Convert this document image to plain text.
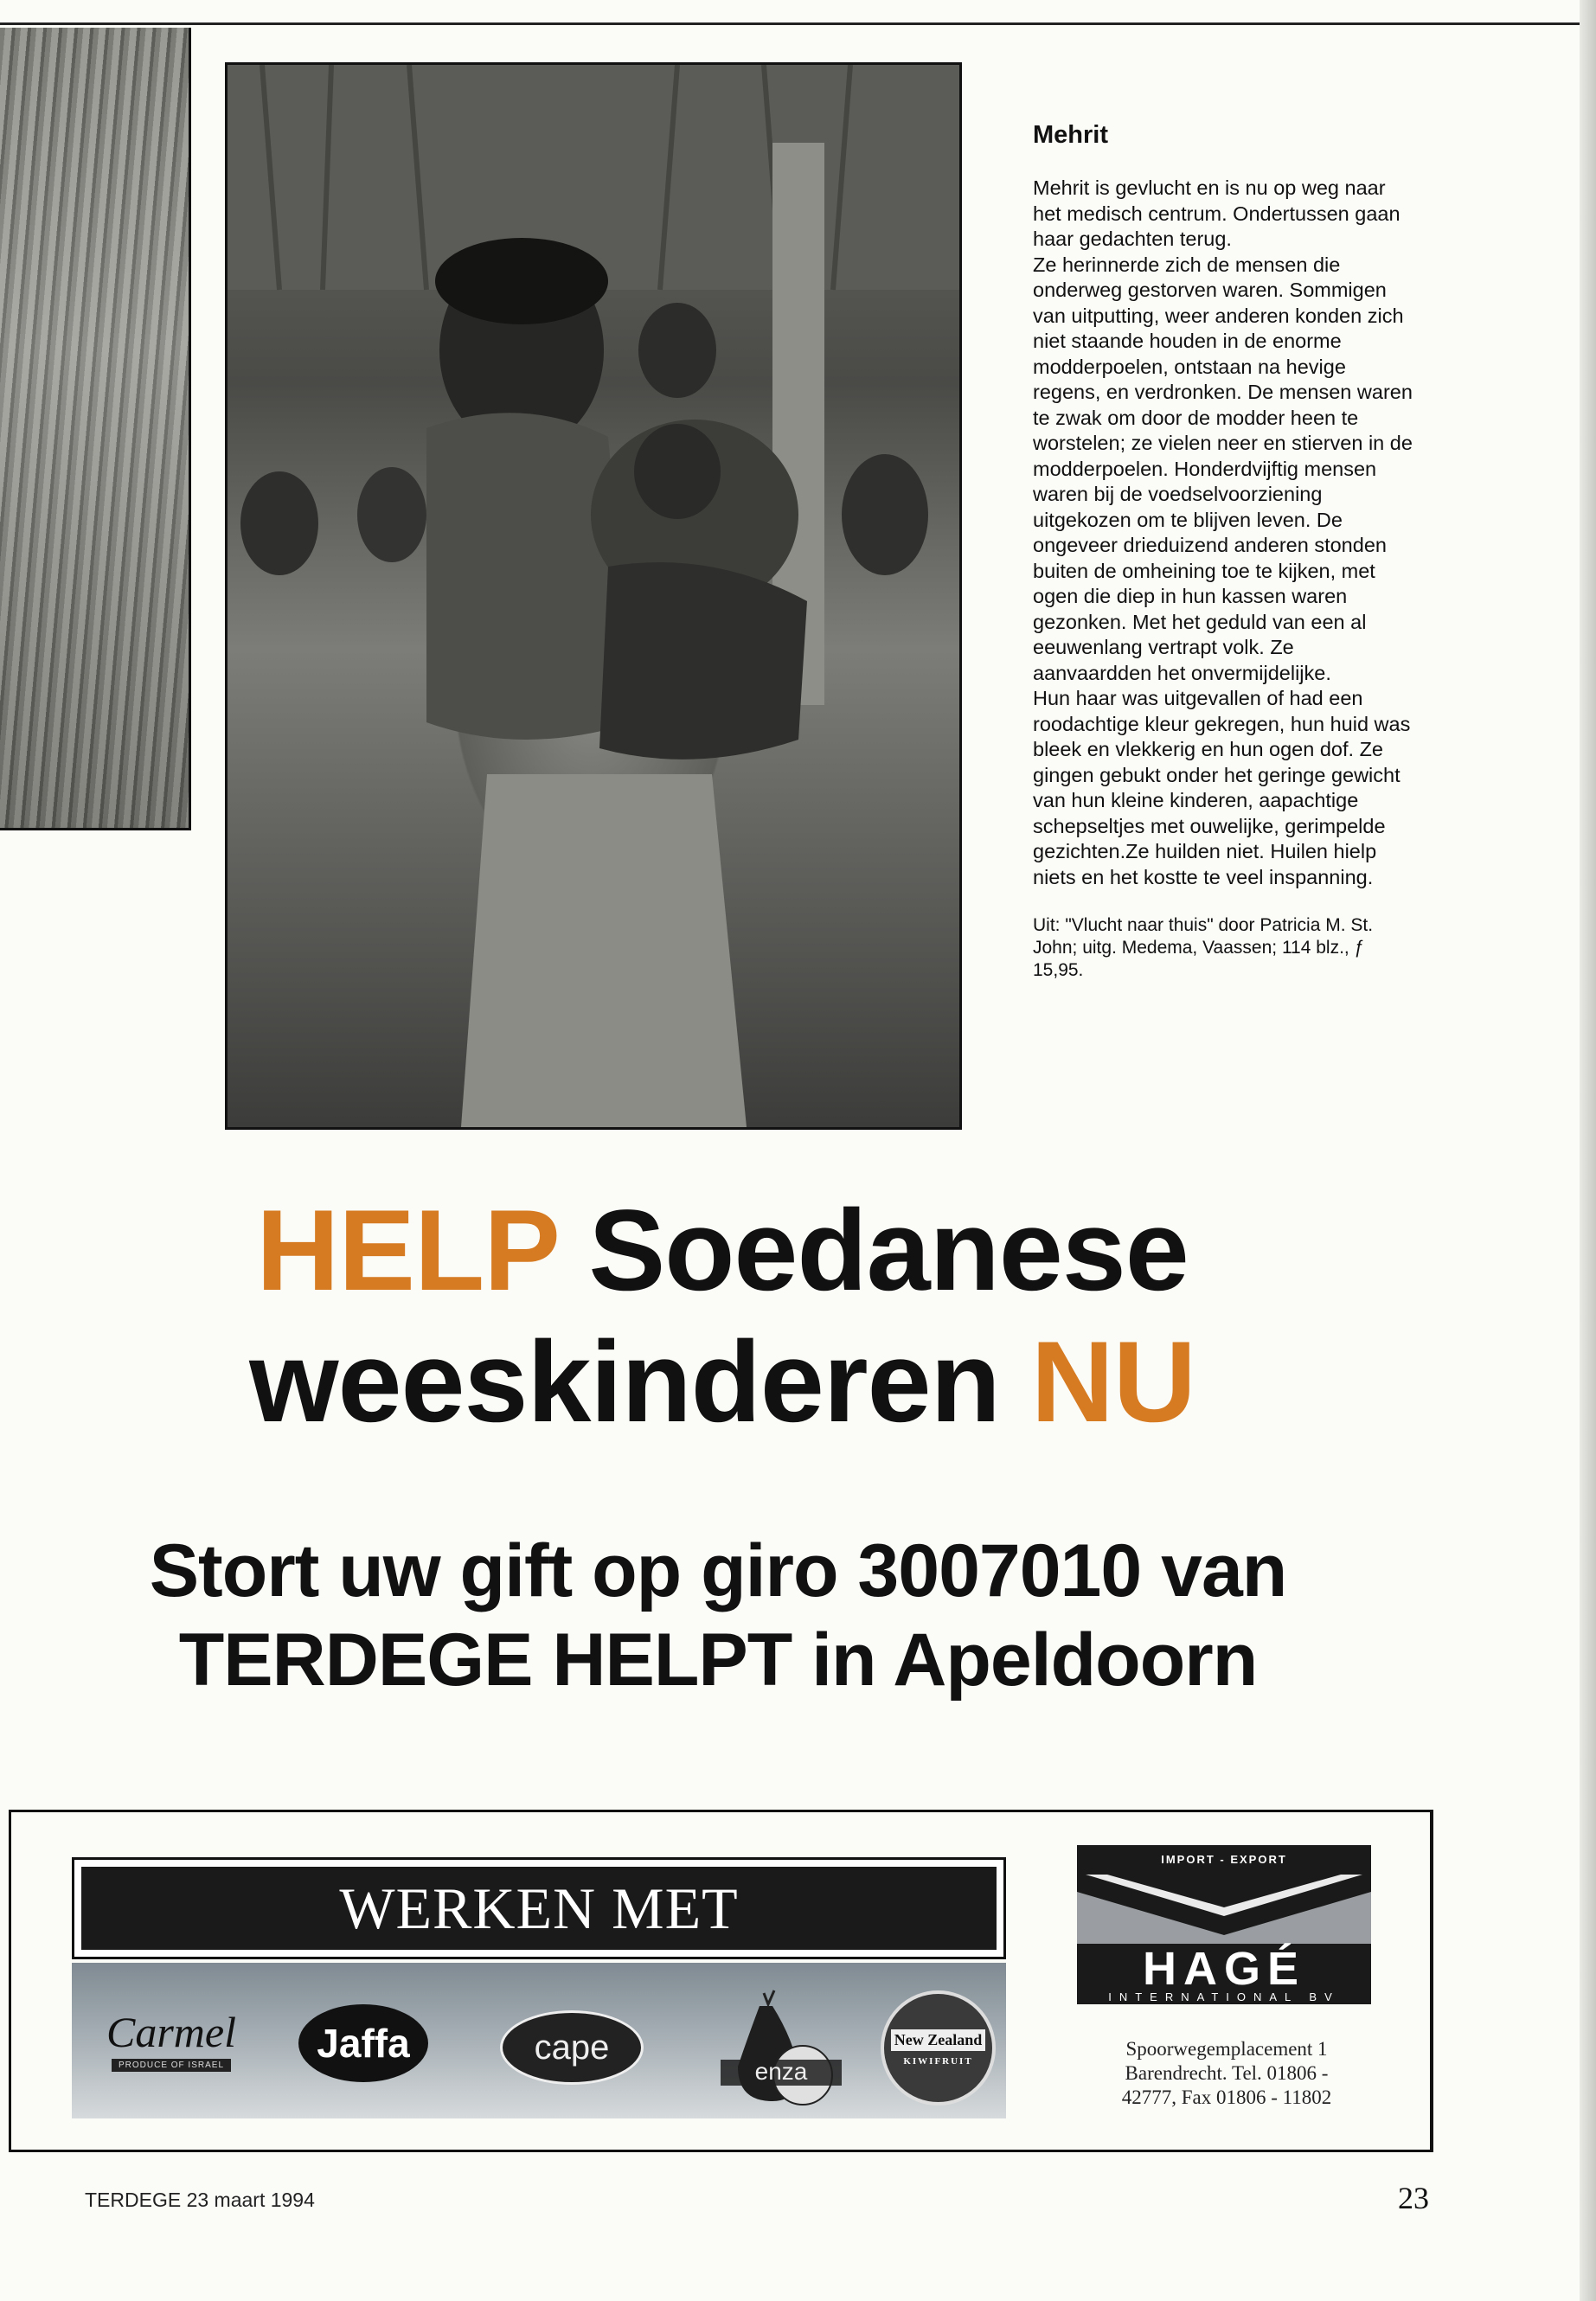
Mehrit

Mehrit is gevlucht en is nu op weg naar het medisch centrum. Ondertussen gaan haar gedachten terug.

Ze herinnerde zich de mensen die onderweg gestorven waren. Sommigen van uitputting, weer anderen konden zich niet staande houden in de enorme modderpoelen, ontstaan na hevige regens, en verdronken. De mensen waren te zwak om door de modder heen te worstelen; ze vielen neer en stierven in de modderpoelen. Honderdvijftig mensen waren bij de voedselvoorziening uitgekozen om te blijven leven. De ongeveer drieduizend anderen stonden buiten de omheining toe te kijken, met ogen die diep in hun kassen waren gezonken. Met het geduld van een al eeuwenlang vertrapt volk. Ze aanvaardden het onvermijdelijke.

Hun haar was uitgevallen of had een roodachtige kleur gekregen, hun huid was bleek en vlekkerig en hun ogen dof. Ze gingen gebukt onder het geringe gewicht van hun kleine kinderen, aapachtige schepseltjes met ouwelijke, gerimpelde gezichten.Ze huilden niet. Huilen hielp niets en het kostte te veel inspanning.

Uit: "Vlucht naar thuis" door Patricia M. St. John; uitg. Medema, Vaassen; 114 blz., ƒ 15,95.
HELP Soedanese
weeskinderen NU
Stort uw gift op giro 3007010 van
TERDEGE HELPT in Apeldoorn
WERKEN MET
Carmel
PRODUCE OF ISRAEL	Jaffa	cape
enza
New Zealand
KIWIFRUIT
IMPORT - EXPORT
HAGÉ
INTERNATIONAL BV
Spoorwegemplacement 1
Barendrecht. Tel. 01806 -
42777, Fax 01806 - 11802
TERDEGE 23 maart 1994	23
